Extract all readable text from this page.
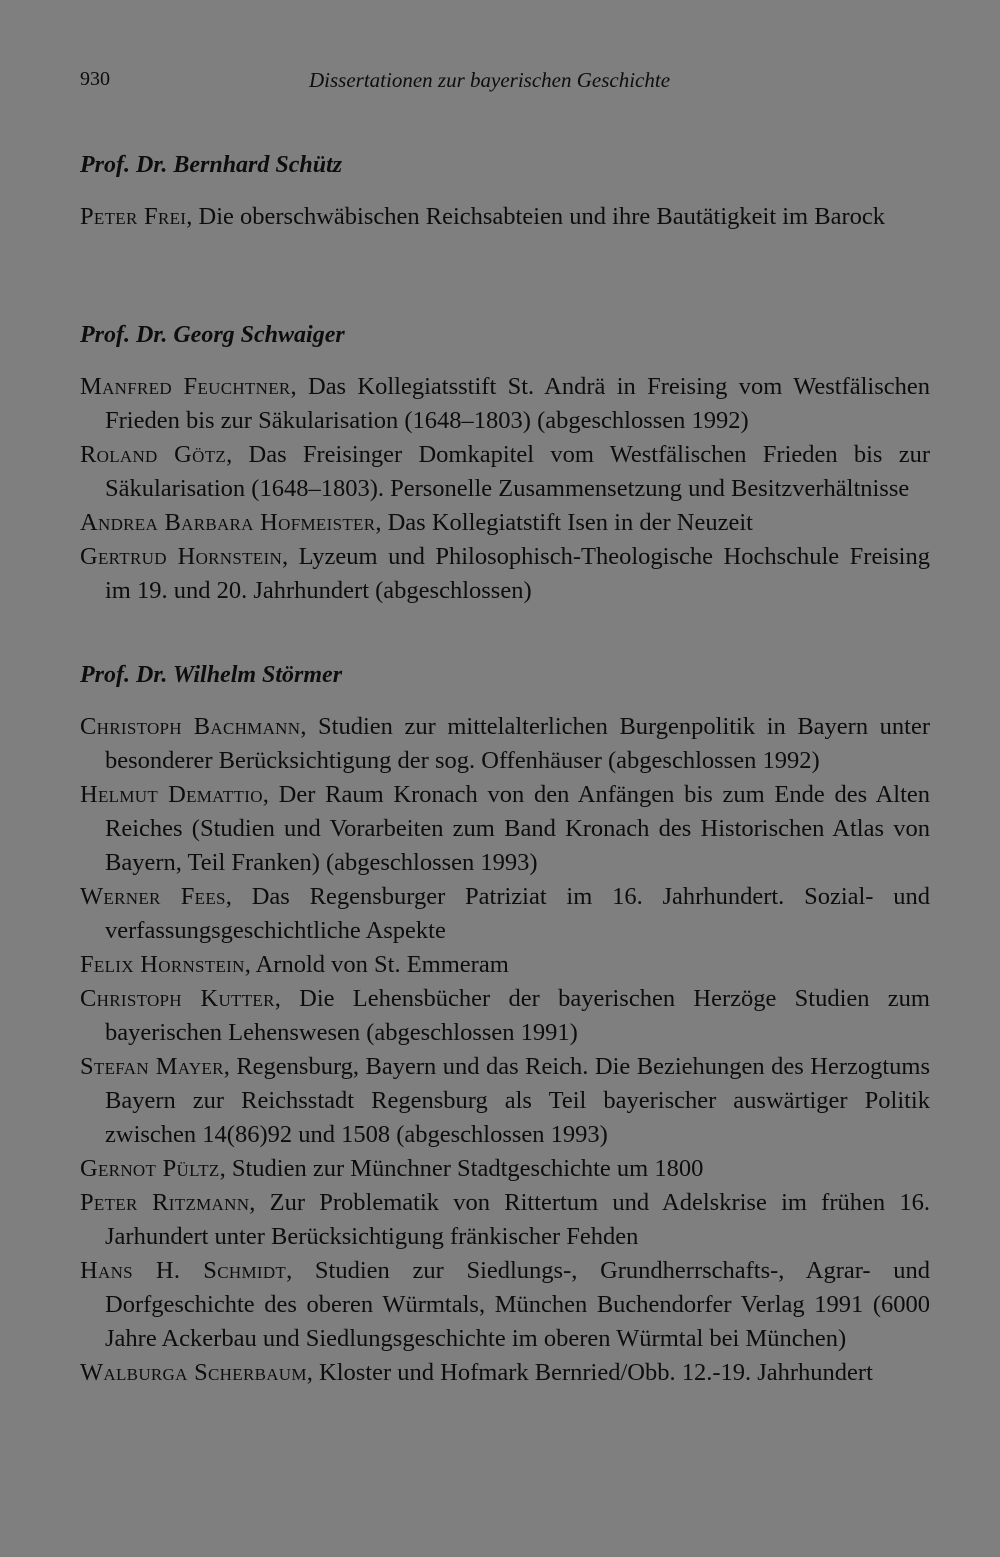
930	Dissertationen zur bayerischen Geschichte
Prof. Dr. Bernhard Schütz
Peter Frei, Die oberschwäbischen Reichsabteien und ihre Bautätigkeit im Barock
Prof. Dr. Georg Schwaiger
Manfred Feuchtner, Das Kollegiatsstift St. Andrä in Freising vom Westfälischen Frieden bis zur Säkularisation (1648–1803) (abgeschlossen 1992)
Roland Götz, Das Freisinger Domkapitel vom Westfälischen Frieden bis zur Säkularisation (1648–1803). Personelle Zusammensetzung und Besitzverhältnisse
Andrea Barbara Hofmeister, Das Kollegiatstift Isen in der Neuzeit
Gertrud Hornstein, Lyzeum und Philosophisch-Theologische Hochschule Freising im 19. und 20. Jahrhundert (abgeschlossen)
Prof. Dr. Wilhelm Störmer
Christoph Bachmann, Studien zur mittelalterlichen Burgenpolitik in Bayern unter besonderer Berücksichtigung der sog. Offenhäuser (abgeschlossen 1992)
Helmut Demattio, Der Raum Kronach von den Anfängen bis zum Ende des Alten Reiches (Studien und Vorarbeiten zum Band Kronach des Historischen Atlas von Bayern, Teil Franken) (abgeschlossen 1993)
Werner Fees, Das Regensburger Patriziat im 16. Jahrhundert. Sozial- und verfassungsgeschichtliche Aspekte
Felix Hornstein, Arnold von St. Emmeram
Christoph Kutter, Die Lehensbücher der bayerischen Herzöge Studien zum bayerischen Lehenswesen (abgeschlossen 1991)
Stefan Mayer, Regensburg, Bayern und das Reich. Die Beziehungen des Herzogtums Bayern zur Reichsstadt Regensburg als Teil bayerischer auswärtiger Politik zwischen 14(86)92 und 1508 (abgeschlossen 1993)
Gernot Pültz, Studien zur Münchner Stadtgeschichte um 1800
Peter Ritzmann, Zur Problematik von Rittertum und Adelskrise im frühen 16. Jarhundert unter Berücksichtigung fränkischer Fehden
Hans H. Schmidt, Studien zur Siedlungs-, Grundherrschafts-, Agrar- und Dorfgeschichte des oberen Würmtals, München Buchendorfer Verlag 1991 (6000 Jahre Ackerbau und Siedlungsgeschichte im oberen Würmtal bei München)
Walburga Scherbaum, Kloster und Hofmark Bernried/Obb. 12.-19. Jahrhundert
